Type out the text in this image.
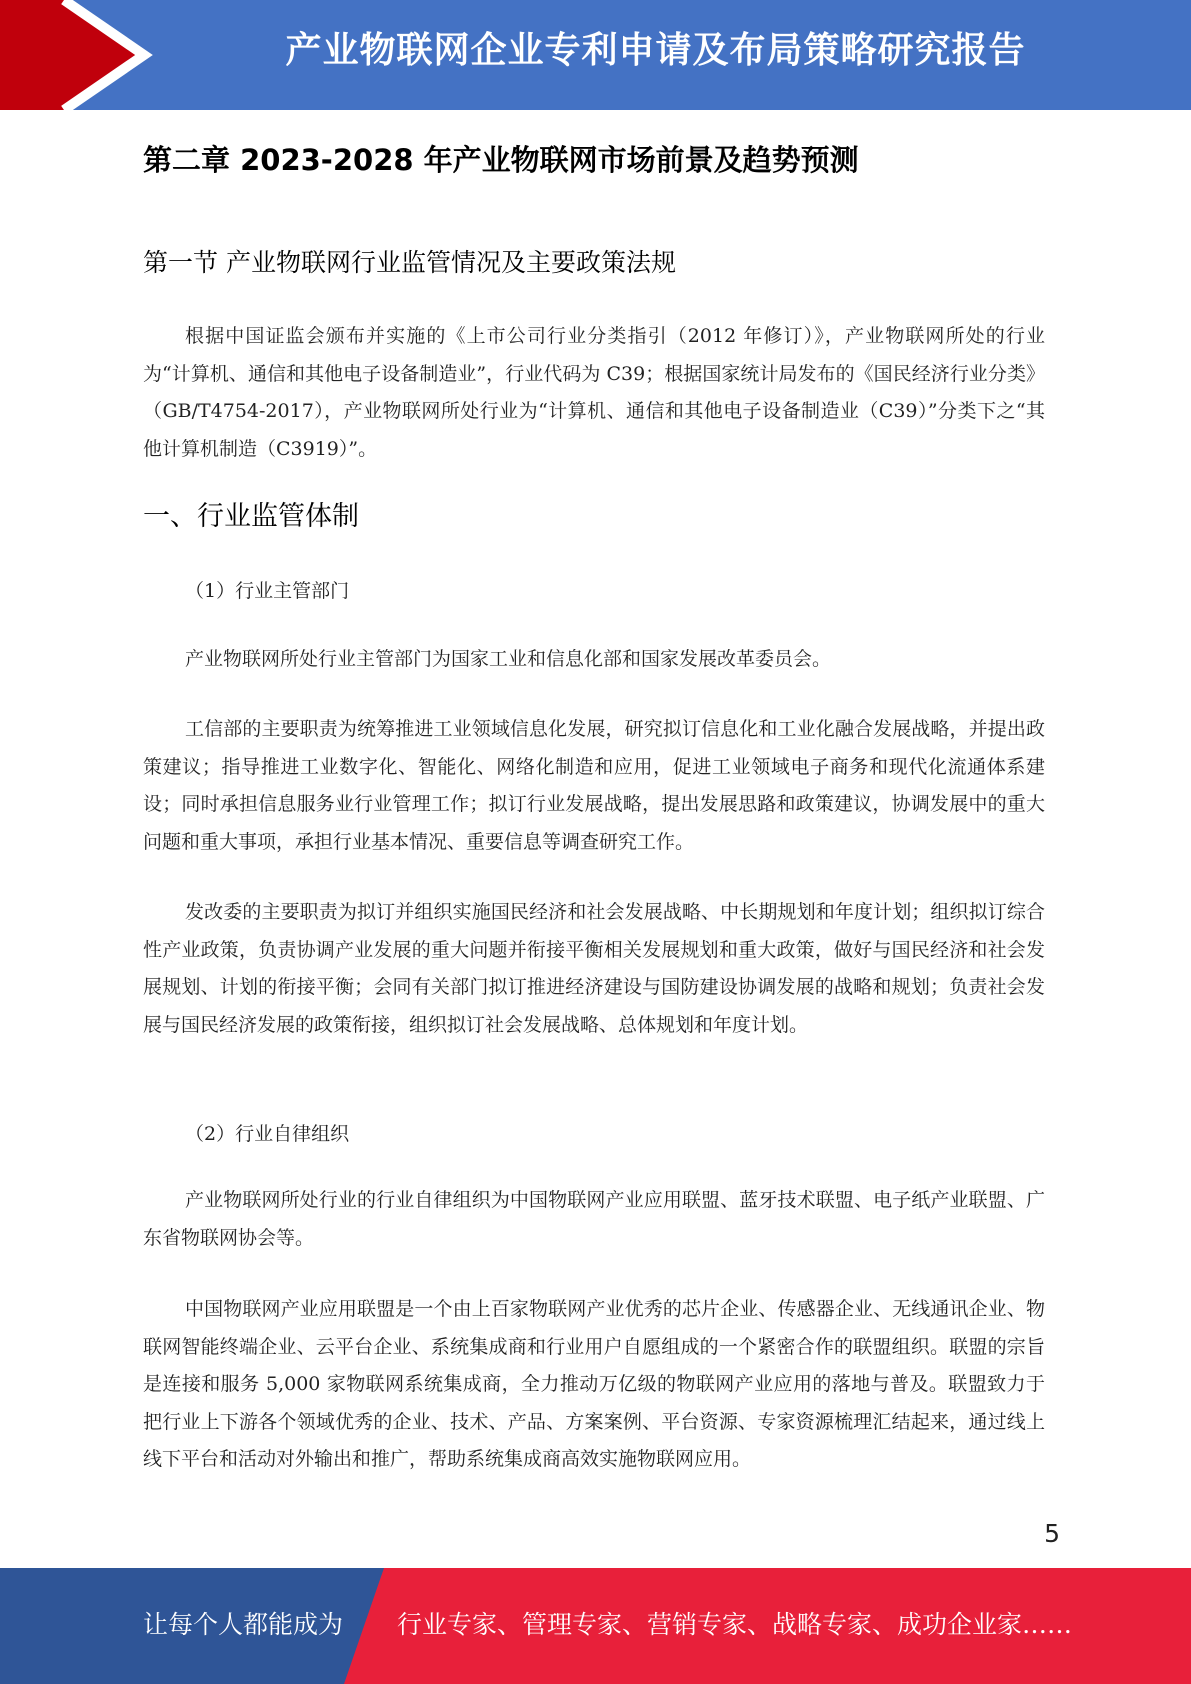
产业物联网企业专利申请及布局策略研究报告
第二章 2023-2028 年产业物联网市场前景及趋势预测
第一节 产业物联网行业监管情况及主要政策法规

根据中国证监会颁布并实施的《上市公司行业分类指引（2012 年修订）》，产业物联网所处的行业为“计算机、通信和其他电子设备制造业”，行业代码为 C39；根据国家统计局发布的《国民经济行业分类》（GB/T4754-2017），产业物联网所处行业为“计算机、通信和其他电子设备制造业（C39）”分类下之“其他计算机制造（C3919）”。

一、行业监管体制
（1）行业主管部门

产业物联网所处行业主管部门为国家工业和信息化部和国家发展改革委员会。

工信部的主要职责为统筹推进工业领域信息化发展，研究拟订信息化和工业化融合发展战略，并提出政策建议；指导推进工业数字化、智能化、网络化制造和应用，促进工业领域电子商务和现代化流通体系建设；同时承担信息服务业行业管理工作；拟订行业发展战略，提出发展思路和政策建议，协调发展中的重大问题和重大事项，承担行业基本情况、重要信息等调查研究工作。

发改委的主要职责为拟订并组织实施国民经济和社会发展战略、中长期规划和年度计划；组织拟订综合性产业政策，负责协调产业发展的重大问题并衔接平衡相关发展规划和重大政策，做好与国民经济和社会发展规划、计划的衔接平衡；会同有关部门拟订推进经济建设与国防建设协调发展的战略和规划；负责社会发展与国民经济发展的政策衔接，组织拟订社会发展战略、总体规划和年度计划。

（2）行业自律组织

产业物联网所处行业的行业自律组织为中国物联网产业应用联盟、蓝牙技术联盟、电子纸产业联盟、广东省物联网协会等。

中国物联网产业应用联盟是一个由上百家物联网产业优秀的芯片企业、传感器企业、无线通讯企业、物联网智能终端企业、云平台企业、系统集成商和行业用户自愿组成的一个紧密合作的联盟组织。联盟的宗旨是连接和服务 5,000 家物联网系统集成商，全力推动万亿级的物联网产业应用的落地与普及。联盟致力于把行业上下游各个领域优秀的企业、技术、产品、方案案例、平台资源、专家资源梳理汇结起来，通过线上线下平台和活动对外输出和推广，帮助系统集成商高效实施物联网应用。

5
让每个人都能成为 行业专家、管理专家、营销专家、战略专家、成功企业家……
